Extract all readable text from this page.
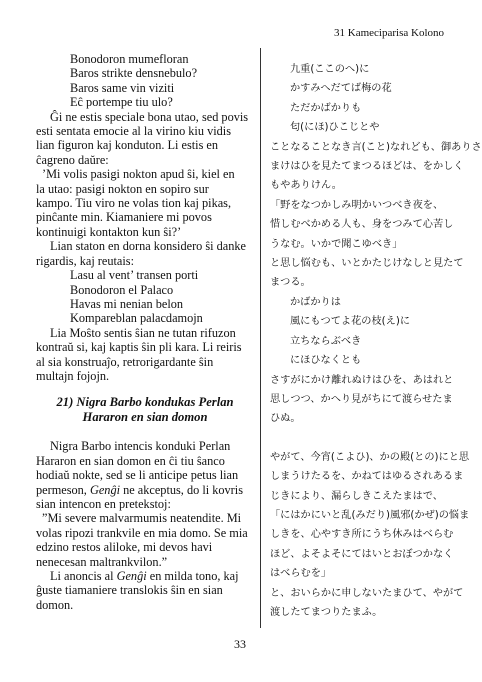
31 Kameciparisa Kolono
Bonodoron mumefloran
Baros strikte densnebulo?
Baros same vin viziti
Eĉ portempe tiu ulo?
Ĝi ne estis speciale bona utao, sed povis
esti sentata emocie al la virino kiu vidis
lian figuron kaj konduton. Li estis en
ĉagreno daŭre:
’Mi volis pasigi nokton apud ŝi, kiel en
la utao: pasigi nokton en sopiro sur
kampo. Tiu viro ne volas tion kaj pikas,
pinĉante min. Kiamaniere mi povos
kontinuigi kontakton kun ŝi?’
Lian staton en dorna konsidero ŝi danke
rigardis, kaj reutais:
Lasu al vent’ transen porti
Bonodoron el Palaco
Havas mi nenian belon
Kompareblan palacdamojn
Lia Moŝto sentis ŝian ne tutan rifuzon
kontraŭ si, kaj kaptis ŝin pli kara. Li reiris
al sia konstruaĵo, retrorigardante ŝin
multajn fojojn.
21) Nigra Barbo kondukas Perlan
Hararon en sian domon
Nigra Barbo intencis konduki Perlan
Hararon en sian domon en ĉi tiu ŝanco
hodiaŭ nokte, sed se li anticipe petus lian
permeson, Genĝi ne akceptus, do li kovris
sian intencon en pretekstoj:
”Mi severe malvarmumis neatendite. Mi
volas ripozi trankvile en mia domo. Se mia
edzino restos aliloke, mi devos havi
nenecesan maltrankvilon.”
Li anoncis al Genĝi en milda tono, kaj
ĝuste tiamaniere translokis ŝin en sian
domon.
九重(ここのへ)に
かすみへだてば梅の花
ただかばかりも
匂(にほ)ひこじとや
ことなることなき言(こと)なれども、御ありさ
まけはひを見たてまつるほどは、をかしく
もやありけん。
「野をなつかしみ明かいつべき夜を、
惜しむべかめる人も、身をつみて心苦し
うなむ。いかで聞こゆべき」
と思し悩むも、いとかたじけなしと見たて
まつる。
かばかりは
風にもつてよ花の枝(え)に
立ちならぶべき
にほひなくとも
さすがにかけ離れぬけはひを、あはれと
思しつつ、かへり見がちにて渡らせたま
ひぬ。
やがて、今宵(こよひ)、かの殿(との)にと思
しまうけたるを、かねてはゆるされあるま
じきにより、漏らしきこえたまはで、
「にはかにいと乱(みだり)風邪(かぜ)の悩ま
しきを、心やすき所にうち休みはべらむ
ほど、よそよそにてはいとおぼつかなく
はべらむを」
と、おいらかに申しないたまひて、やがて
渡したてまつりたまふ。
33
